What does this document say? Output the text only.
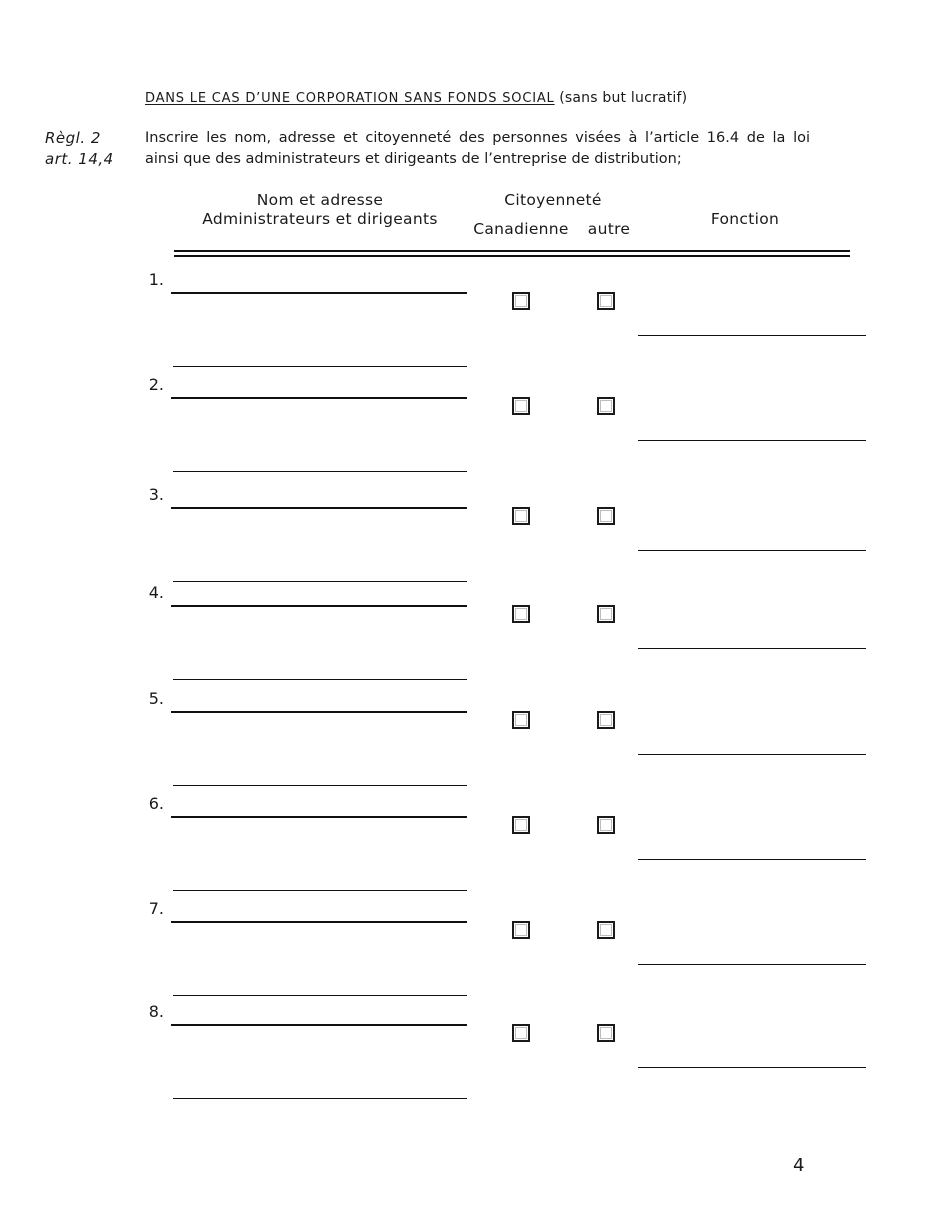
DANS LE CAS D’UNE CORPORATION SANS FONDS SOCIAL (sans but lucratif)
Règl. 2
art. 14,4
Inscrire les nom, adresse et citoyenneté des personnes visées à l’article 16.4 de la loi
ainsi que des administrateurs et dirigeants de l’entreprise de distribution;
Nom et adresse
Administrateurs et dirigeants
Citoyenneté
Canadienne	autre
Fonction
1.
2.
3.
4.
5.
6.
7.
8.
4
